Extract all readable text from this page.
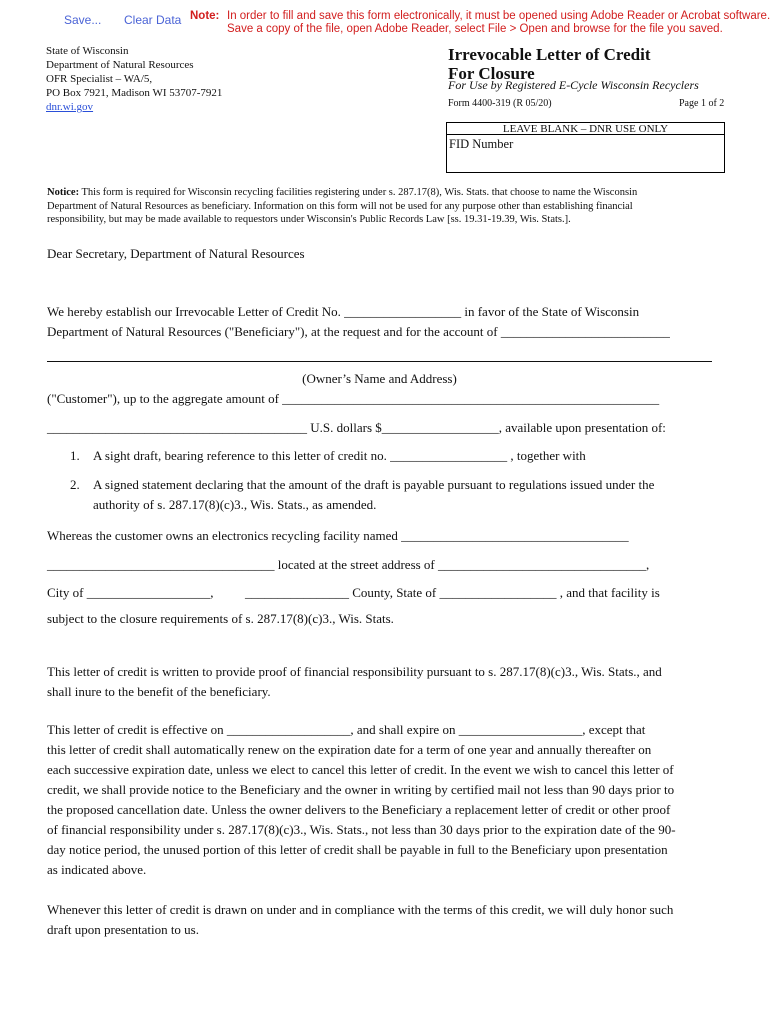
Save... Clear Data Note: In order to fill and save this form electronically, it must be opened using Adobe Reader or Acrobat software.
Save a copy of the file, open Adobe Reader, select File > Open and browse for the file you saved.
State of Wisconsin
Department of Natural Resources
OFR Specialist – WA/5,
PO Box 7921, Madison WI 53707-7921
dnr.wi.gov
Irrevocable Letter of Credit
For Closure
For Use by Registered E-Cycle Wisconsin Recyclers
Form 4400-319 (R 05/20)	Page 1 of 2
LEAVE BLANK – DNR USE ONLY
FID Number
Notice: This form is required for Wisconsin recycling facilities registering under s. 287.17(8), Wis. Stats. that choose to name the Wisconsin
Department of Natural Resources as beneficiary. Information on this form will not be used for any purpose other than establishing financial
responsibility, but may be made available to requestors under Wisconsin's Public Records Law [ss. 19.31-19.39, Wis. Stats.].
Dear Secretary, Department of Natural Resources
We hereby establish our Irrevocable Letter of Credit No. __________________ in favor of the State of Wisconsin
Department of Natural Resources ("Beneficiary"), at the request and for the account of __________________________
(Owner’s Name and Address)
("Customer"), up to the aggregate amount of __________________________________________________________
________________________________________ U.S. dollars $__________________, available upon presentation of:
1. A sight draft, bearing reference to this letter of credit no. __________________ , together with
2. A signed statement declaring that the amount of the draft is payable pursuant to regulations issued under the
authority of s. 287.17(8)(c)3., Wis. Stats., as amended.
Whereas the customer owns an electronics recycling facility named ___________________________________
___________________________________ located at the street address of ________________________________,
City of ___________________, ________________ County, State of __________________ , and that facility is
subject to the closure requirements of s. 287.17(8)(c)3., Wis. Stats.
This letter of credit is written to provide proof of financial responsibility pursuant to s. 287.17(8)(c)3., Wis. Stats., and
shall inure to the benefit of the beneficiary.
This letter of credit is effective on ___________________, and shall expire on ___________________, except that
this letter of credit shall automatically renew on the expiration date for a term of one year and annually thereafter on
each successive expiration date, unless we elect to cancel this letter of credit. In the event we wish to cancel this letter of
credit, we shall provide notice to the Beneficiary and the owner in writing by certified mail not less than 90 days prior to
the proposed cancellation date. Unless the owner delivers to the Beneficiary a replacement letter of credit or other proof
of financial responsibility under s. 287.17(8)(c)3., Wis. Stats., not less than 30 days prior to the expiration date of the 90-
day notice period, the unused portion of this letter of credit shall be payable in full to the Beneficiary upon presentation
as indicated above.
Whenever this letter of credit is drawn on under and in compliance with the terms of this credit, we will duly honor such
draft upon presentation to us.
